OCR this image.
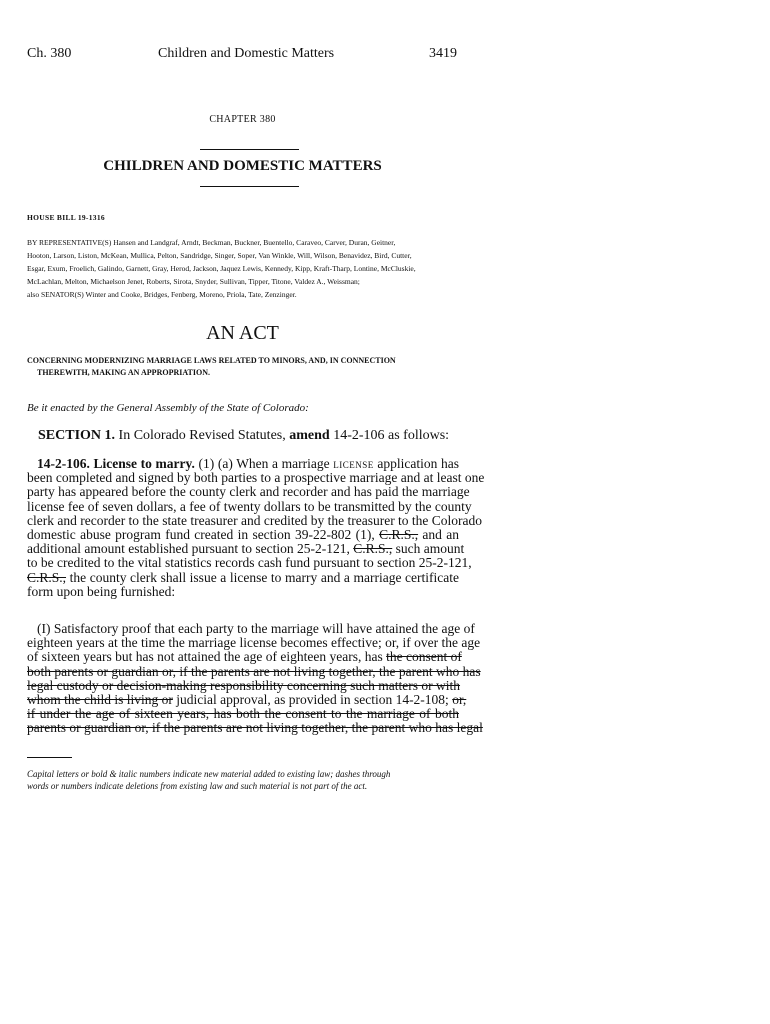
Ch. 380	Children and Domestic Matters	3419
CHAPTER 380
CHILDREN AND DOMESTIC MATTERS
HOUSE BILL 19-1316
BY REPRESENTATIVE(S) Hansen and Landgraf, Arndt, Beckman, Buckner, Buentello, Caraveo, Carver, Duran, Geitner,
Hooton, Larson, Liston, McKean, Mullica, Pelton, Sandridge, Singer, Soper, Van Winkle, Will, Wilson, Benavidez, Bird, Cutter,
Esgar, Exum, Froelich, Galindo, Garnett, Gray, Herod, Jackson, Jaquez Lewis, Kennedy, Kipp, Kraft-Tharp, Lontine, McCluskie,
McLachlan, Melton, Michaelson Jenet, Roberts, Sirota, Snyder, Sullivan, Tipper, Titone, Valdez A., Weissman;
also SENATOR(S) Winter and Cooke, Bridges, Fenberg, Moreno, Priola, Tate, Zenzinger.
AN ACT
CONCERNING MODERNIZING MARRIAGE LAWS RELATED TO MINORS, AND, IN CONNECTION
THEREWITH, MAKING AN APPROPRIATION.
Be it enacted by the General Assembly of the State of Colorado:
SECTION 1. In Colorado Revised Statutes, amend 14-2-106 as follows:
14-2-106. License to marry. (1) (a) When a marriage LICENSE application has
been completed and signed by both parties to a prospective marriage and at least one
party has appeared before the county clerk and recorder and has paid the marriage
license fee of seven dollars, a fee of twenty dollars to be transmitted by the county
clerk and recorder to the state treasurer and credited by the treasurer to the Colorado
domestic abuse program fund created in section 39-22-802 (1), C.R.S., and an
additional amount established pursuant to section 25-2-121, C.R.S., such amount
to be credited to the vital statistics records cash fund pursuant to section 25-2-121,
C.R.S., the county clerk shall issue a license to marry and a marriage certificate
form upon being furnished:
(I) Satisfactory proof that each party to the marriage will have attained the age of
eighteen years at the time the marriage license becomes effective; or, if over the age
of sixteen years but has not attained the age of eighteen years, has the consent of
both parents or guardian or, if the parents are not living together, the parent who has
legal custody or decision-making responsibility concerning such matters or with
whom the child is living or judicial approval, as provided in section 14-2-108; or,
if under the age of sixteen years, has both the consent to the marriage of both
parents or guardian or, if the parents are not living together, the parent who has legal
Capital letters or bold & italic numbers indicate new material added to existing law; dashes through
words or numbers indicate deletions from existing law and such material is not part of the act.
